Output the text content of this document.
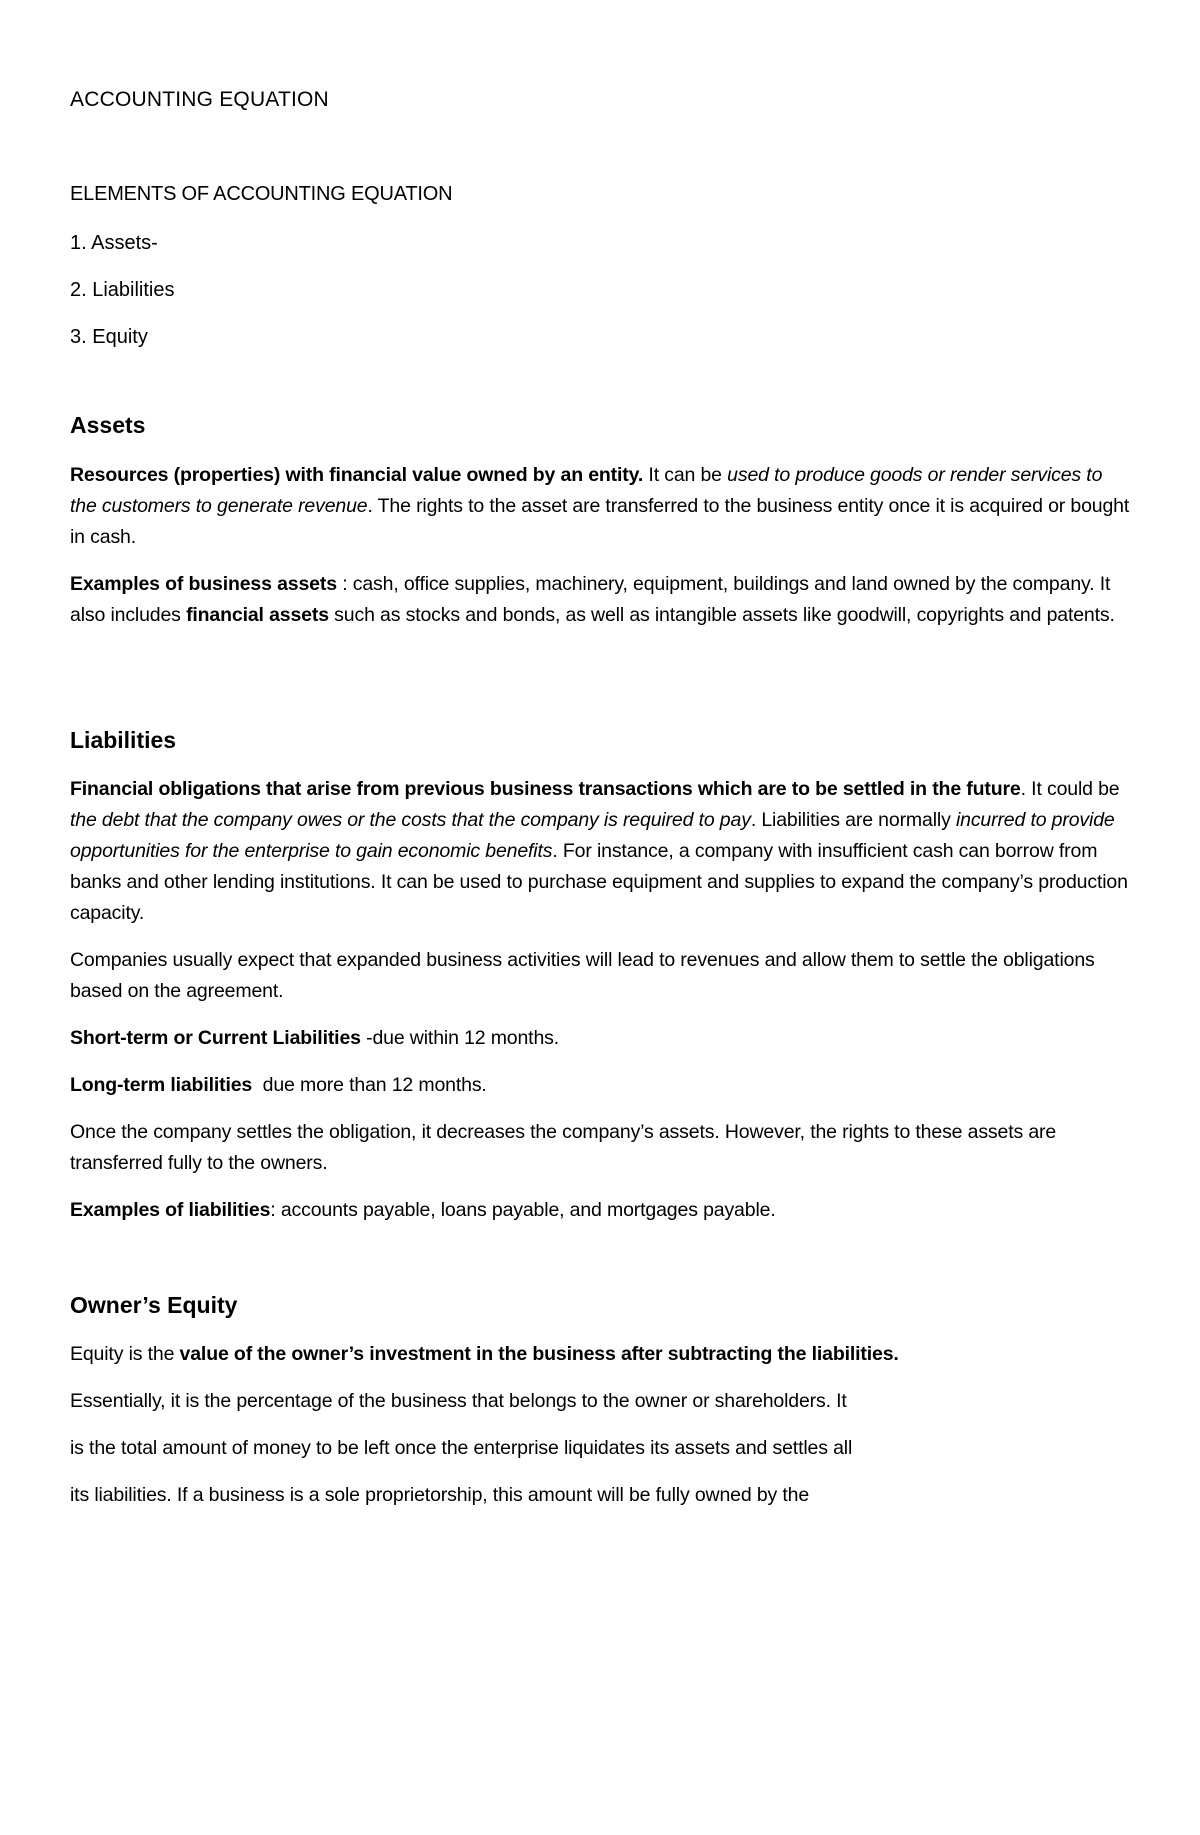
ACCOUNTING EQUATION
ELEMENTS OF ACCOUNTING EQUATION
1. Assets-
2. Liabilities
3. Equity
Assets

Resources (properties) with financial value owned by an entity. It can be used to produce goods or render services to the customers to generate revenue. The rights to the asset are transferred to the business entity once it is acquired or bought in cash.

Examples of business assets : cash, office supplies, machinery, equipment, buildings and land owned by the company. It also includes financial assets such as stocks and bonds, as well as intangible assets like goodwill, copyrights and patents.

Liabilities

Financial obligations that arise from previous business transactions which are to be settled in the future. It could be the debt that the company owes or the costs that the company is required to pay. Liabilities are normally incurred to provide opportunities for the enterprise to gain economic benefits. For instance, a company with insufficient cash can borrow from banks and other lending institutions. It can be used to purchase equipment and supplies to expand the company’s production capacity.

Companies usually expect that expanded business activities will lead to revenues and allow them to settle the obligations based on the agreement.

Short-term or Current Liabilities -due within 12 months.

Long-term liabilities  due more than 12 months.

Once the company settles the obligation, it decreases the company’s assets. However, the rights to these assets are transferred fully to the owners.

Examples of liabilities: accounts payable, loans payable, and mortgages payable.

Owner’s Equity

Equity is the value of the owner’s investment in the business after subtracting the liabilities.

Essentially, it is the percentage of the business that belongs to the owner or shareholders. It

is the total amount of money to be left once the enterprise liquidates its assets and settles all

its liabilities. If a business is a sole proprietorship, this amount will be fully owned by the
